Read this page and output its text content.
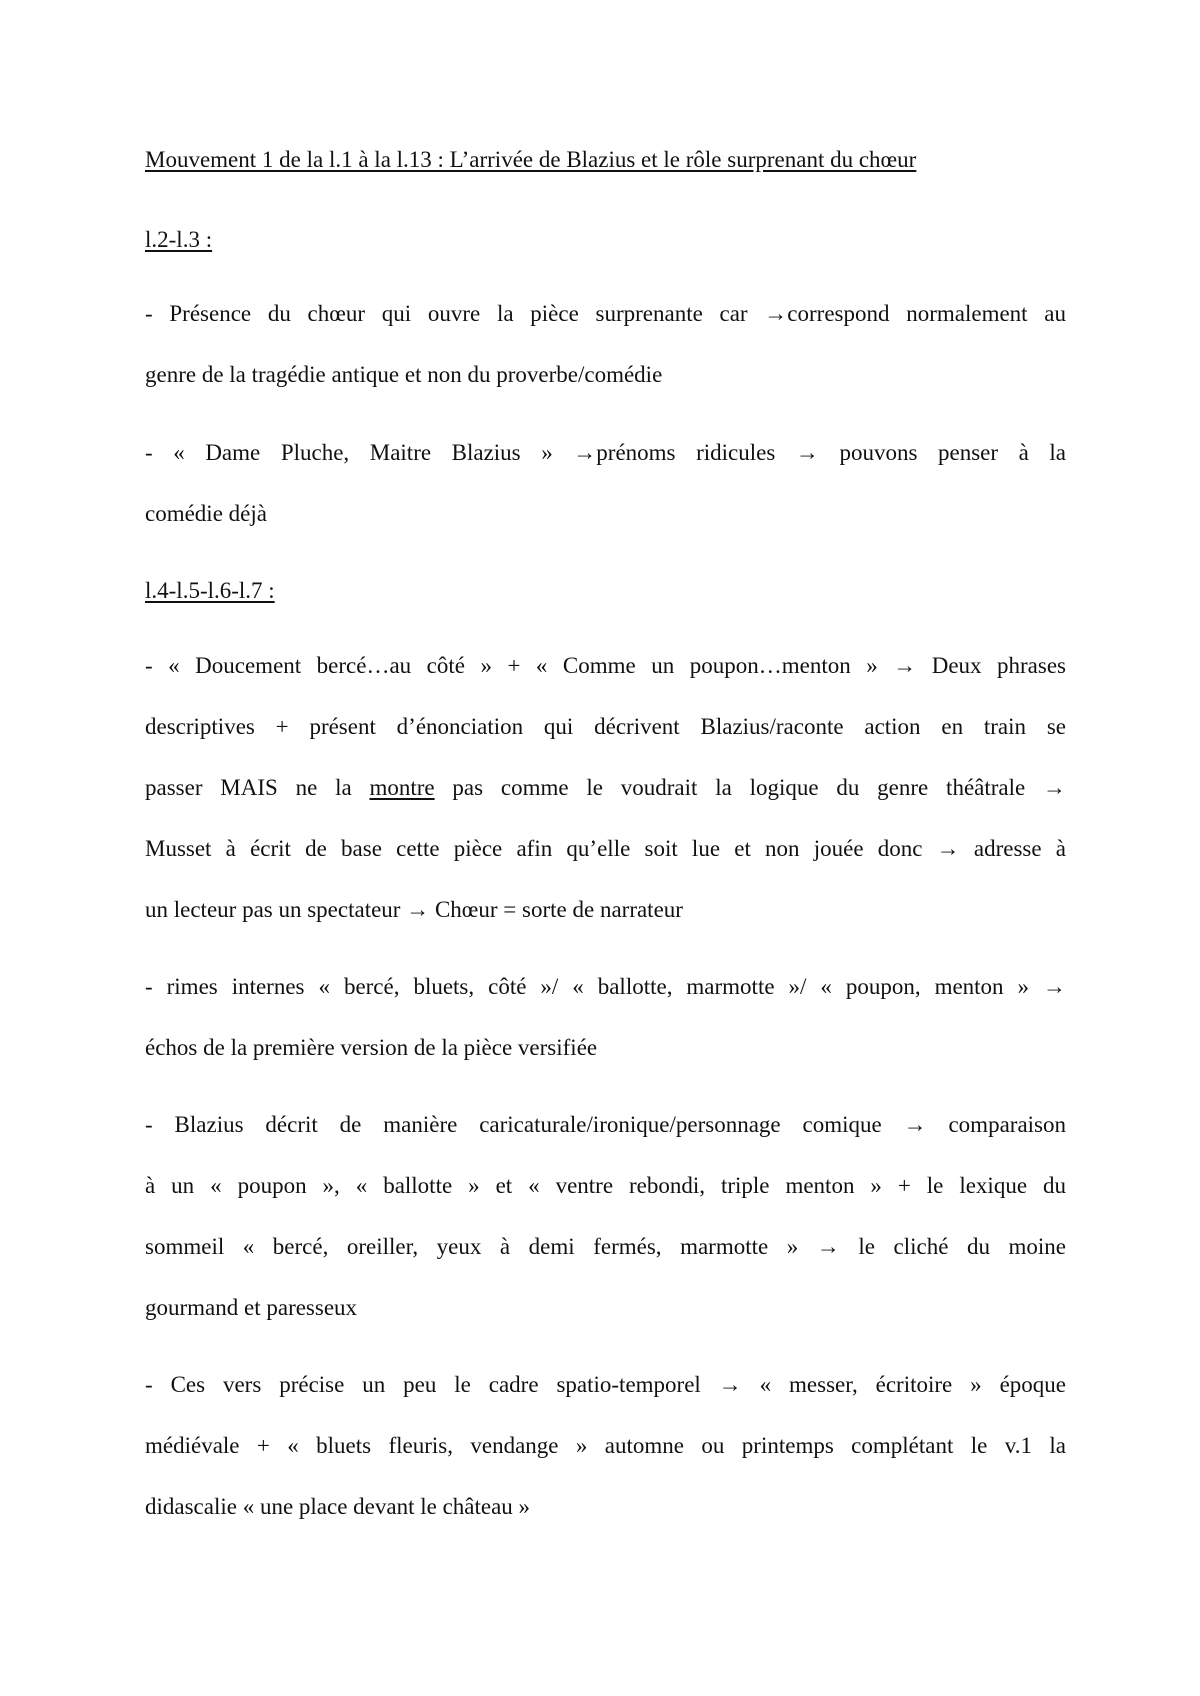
Mouvement 1 de la l.1 à la l.13 : L’arrivée de Blazius et le rôle surprenant du chœur
l.2-l.3 :
- Présence du chœur qui ouvre la pièce surprenante car →correspond normalement au
genre de la tragédie antique et non du proverbe/comédie
- « Dame Pluche, Maitre Blazius » →prénoms ridicules → pouvons penser à la
comédie déjà
l.4-l.5-l.6-l.7 :
- « Doucement bercé…au côté » + « Comme un poupon…menton » → Deux phrases
descriptives + présent d’énonciation qui décrivent Blazius/raconte action en train se
passer MAIS ne la montre pas comme le voudrait la logique du genre théâtrale →
Musset à écrit de base cette pièce afin qu’elle soit lue et non jouée donc → adresse à
un lecteur pas un spectateur → Chœur = sorte de narrateur
- rimes internes « bercé, bluets, côté »/ « ballotte, marmotte »/ « poupon, menton » →
échos de la première version de la pièce versifiée
- Blazius décrit de manière caricaturale/ironique/personnage comique → comparaison
à un « poupon », « ballotte » et « ventre rebondi, triple menton » + le lexique du
sommeil « bercé, oreiller, yeux à demi fermés, marmotte » → le cliché du moine
gourmand et paresseux
- Ces vers précise un peu le cadre spatio-temporel → « messer, écritoire » époque
médiévale + « bluets fleuris, vendange » automne ou printemps complétant le v.1 la
didascalie « une place devant le château »
